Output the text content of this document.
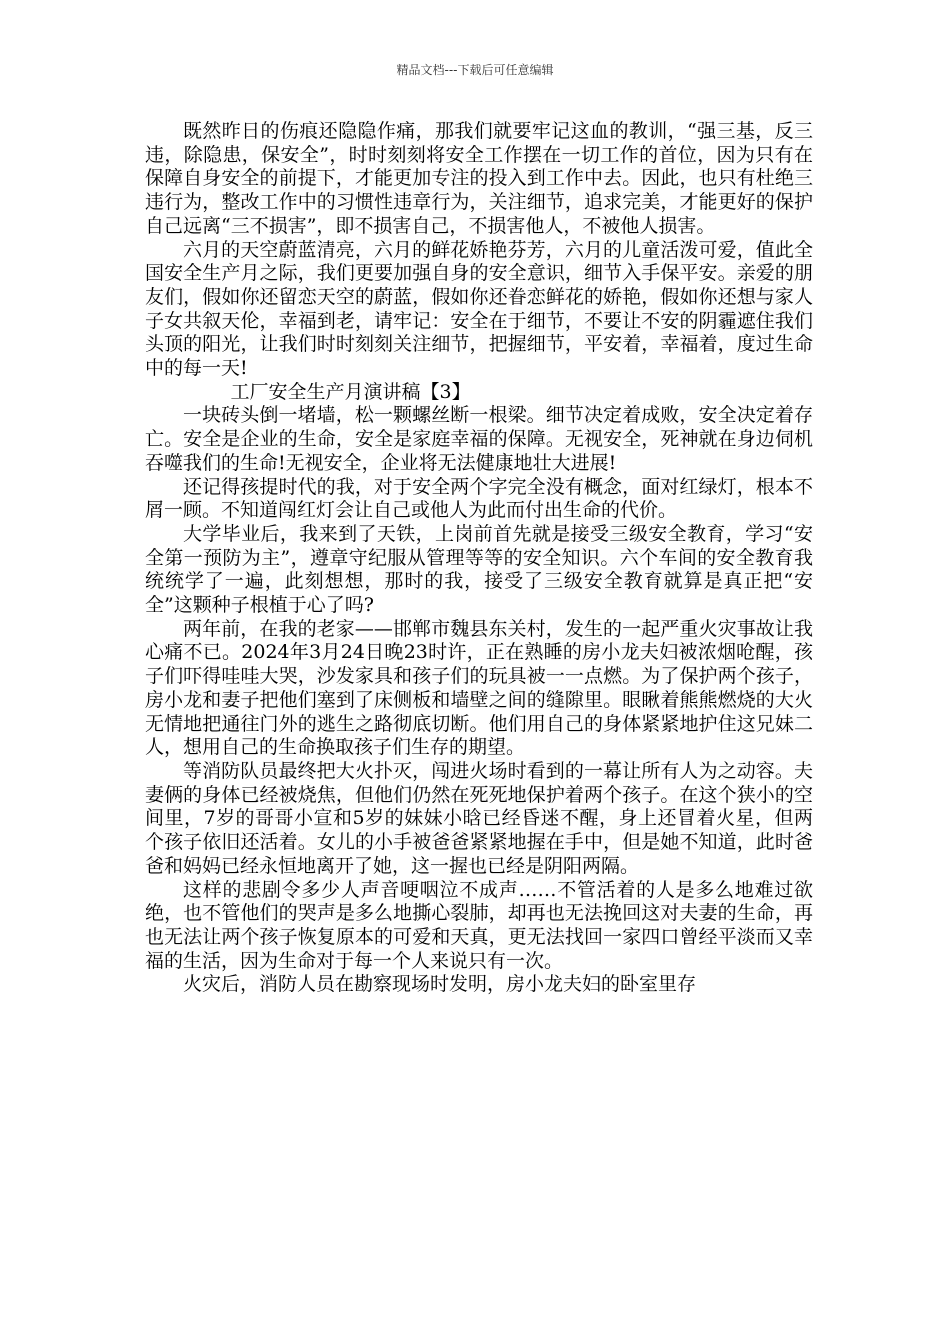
精品文档---下载后可任意编辑

既然昨日的伤痕还隐隐作痛，那我们就要牢记这血的教训，“强三基，反三违，除隐患，保安全”，时时刻刻将安全工作摆在一切工作的首位，因为只有在保障自身安全的前提下，才能更加专注的投入到工作中去。因此，也只有杜绝三违行为，整改工作中的习惯性违章行为，关注细节，追求完美，才能更好的保护自己远离“三不损害”，即不损害自己，不损害他人，不被他人损害。

六月的天空蔚蓝清亮，六月的鲜花娇艳芬芳，六月的儿童活泼可爱，值此全国安全生产月之际，我们更要加强自身的安全意识，细节入手保平安。亲爱的朋友们，假如你还留恋天空的蔚蓝，假如你还眷恋鲜花的娇艳，假如你还想与家人子女共叙天伦，幸福到老，请牢记：安全在于细节，不要让不安的阴霾遮住我们头顶的阳光，让我们时时刻刻关注细节，把握细节，平安着，幸福着，度过生命中的每一天!

工厂安全生产月演讲稿【3】

一块砖头倒一堵墙，松一颗螺丝断一根梁。细节决定着成败，安全决定着存亡。安全是企业的生命，安全是家庭幸福的保障。无视安全，死神就在身边伺机吞噬我们的生命!无视安全，企业将无法健康地壮大进展!

还记得孩提时代的我，对于安全两个字完全没有概念，面对红绿灯，根本不屑一顾。不知道闯红灯会让自己或他人为此而付出生命的代价。

大学毕业后，我来到了天铁，上岗前首先就是接受三级安全教育，学习“安全第一预防为主”，遵章守纪服从管理等等的安全知识。六个车间的安全教育我统统学了一遍，此刻想想，那时的我，接受了三级安全教育就算是真正把“安全”这颗种子根植于心了吗?

两年前，在我的老家——邯郸市魏县东关村，发生的一起严重火灾事故让我心痛不已。2024年3月24日晚23时许，正在熟睡的房小龙夫妇被浓烟呛醒，孩子们吓得哇哇大哭，沙发家具和孩子们的玩具被一一点燃。为了保护两个孩子，房小龙和妻子把他们塞到了床侧板和墙壁之间的缝隙里。眼瞅着熊熊燃烧的大火无情地把通往门外的逃生之路彻底切断。他们用自己的身体紧紧地护住这兄妹二人，想用自己的生命换取孩子们生存的期望。

等消防队员最终把大火扑灭，闯进火场时看到的一幕让所有人为之动容。夫妻俩的身体已经被烧焦，但他们仍然在死死地保护着两个孩子。在这个狭小的空间里，7岁的哥哥小宣和5岁的妹妹小晗已经昏迷不醒，身上还冒着火星，但两个孩子依旧还活着。女儿的小手被爸爸紧紧地握在手中，但是她不知道，此时爸爸和妈妈已经永恒地离开了她，这一握也已经是阴阳两隔。

这样的悲剧令多少人声音哽咽泣不成声……不管活着的人是多么地难过欲绝，也不管他们的哭声是多么地撕心裂肺，却再也无法挽回这对夫妻的生命，再也无法让两个孩子恢复原本的可爱和天真，更无法找回一家四口曾经平淡而又幸福的生活，因为生命对于每一个人来说只有一次。

火灾后，消防人员在勘察现场时发明，房小龙夫妇的卧室里存
